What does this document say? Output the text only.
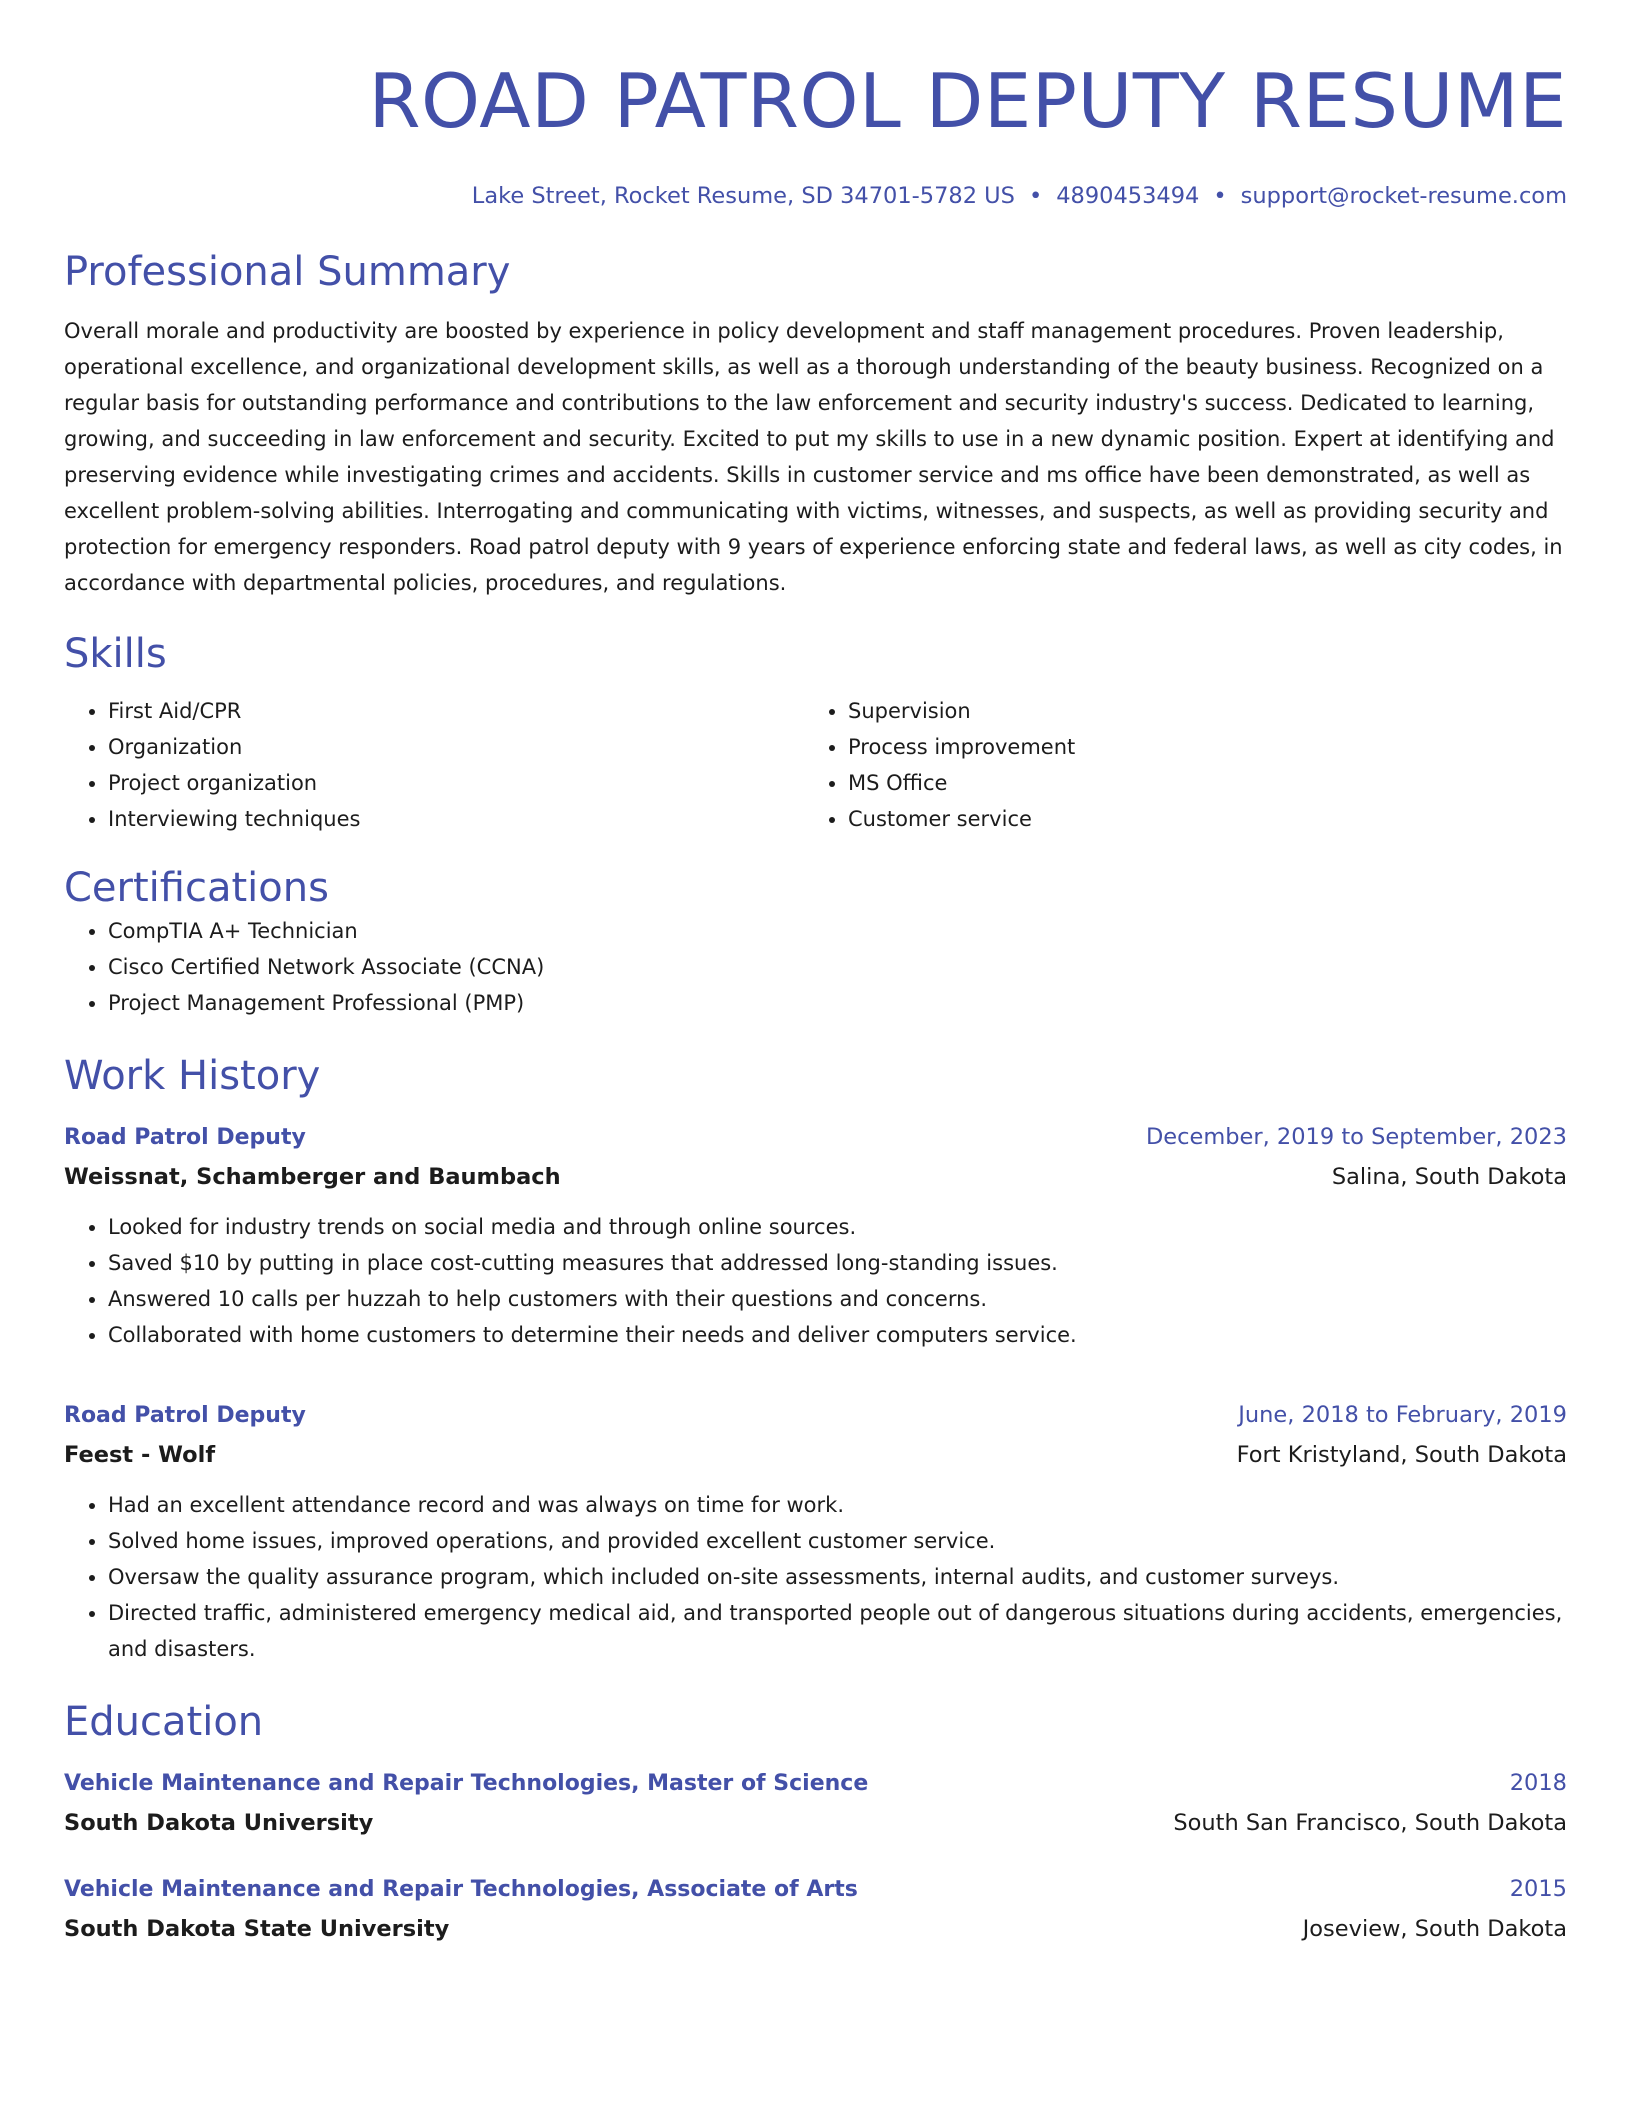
ROAD PATROL DEPUTY RESUME
Lake Street, Rocket Resume, SD 34701-5782 US • 4890453494 • support@rocket-resume.com
Professional Summary
Overall morale and productivity are boosted by experience in policy development and staff management procedures. Proven leadership, operational excellence, and organizational development skills, as well as a thorough understanding of the beauty business. Recognized on a regular basis for outstanding performance and contributions to the law enforcement and security industry's success. Dedicated to learning, growing, and succeeding in law enforcement and security. Excited to put my skills to use in a new dynamic position. Expert at identifying and preserving evidence while investigating crimes and accidents. Skills in customer service and ms office have been demonstrated, as well as excellent problem-solving abilities. Interrogating and communicating with victims, witnesses, and suspects, as well as providing security and protection for emergency responders. Road patrol deputy with 9 years of experience enforcing state and federal laws, as well as city codes, in accordance with departmental policies, procedures, and regulations.
Skills
• First Aid/CPR
• Organization
• Project organization
• Interviewing techniques
• Supervision
• Process improvement
• MS Office
• Customer service
Certifications
• CompTIA A+ Technician
• Cisco Certified Network Associate (CCNA)
• Project Management Professional (PMP)
Work History
Road Patrol Deputy	December, 2019 to September, 2023
Weissnat, Schamberger and Baumbach	Salina, South Dakota
• Looked for industry trends on social media and through online sources.
• Saved $10 by putting in place cost-cutting measures that addressed long-standing issues.
• Answered 10 calls per huzzah to help customers with their questions and concerns.
• Collaborated with home customers to determine their needs and deliver computers service.
Road Patrol Deputy	June, 2018 to February, 2019
Feest - Wolf	Fort Kristyland, South Dakota
• Had an excellent attendance record and was always on time for work.
• Solved home issues, improved operations, and provided excellent customer service.
• Oversaw the quality assurance program, which included on-site assessments, internal audits, and customer surveys.
• Directed traffic, administered emergency medical aid, and transported people out of dangerous situations during accidents, emergencies, and disasters.
Education
Vehicle Maintenance and Repair Technologies, Master of Science	2018
South Dakota University	South San Francisco, South Dakota
Vehicle Maintenance and Repair Technologies, Associate of Arts	2015
South Dakota State University	Joseview, South Dakota
